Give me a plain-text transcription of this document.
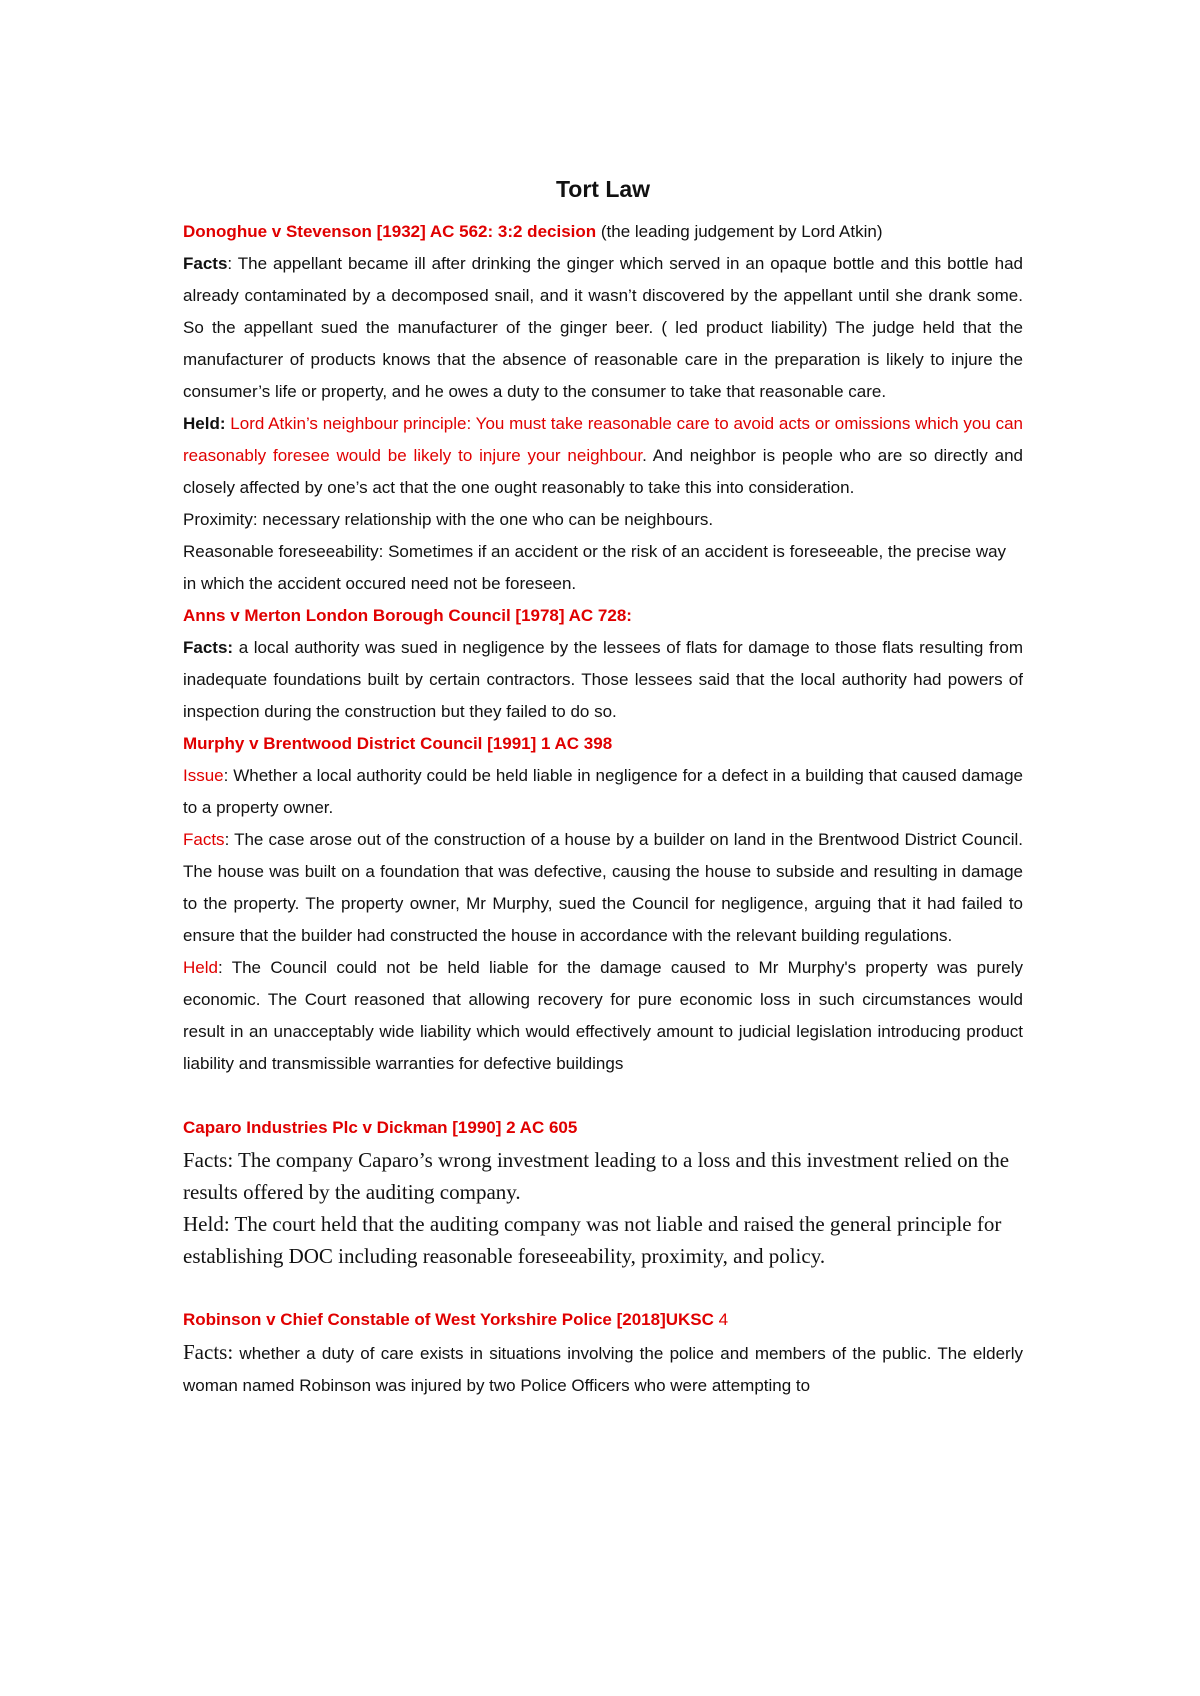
Tort Law

Donoghue v Stevenson [1932] AC 562: 3:2 decision (the leading judgement by Lord Atkin)

Facts: The appellant became ill after drinking the ginger which served in an opaque bottle and this bottle had already contaminated by a decomposed snail, and it wasn’t discovered by the appellant until she drank some. So the appellant sued the manufacturer of the ginger beer. ( led product liability) The judge held that the manufacturer of products knows that the absence of reasonable care in the preparation is likely to injure the consumer’s life or property, and he owes a duty to the consumer to take that reasonable care.

Held: Lord Atkin’s neighbour principle: You must take reasonable care to avoid acts or omissions which you can reasonably foresee would be likely to injure your neighbour. And neighbor is people who are so directly and closely affected by one’s act that the one ought reasonably to take this into consideration.

Proximity: necessary relationship with the one who can be neighbours.

Reasonable foreseeability: Sometimes if an accident or the risk of an accident is foreseeable, the precise way in which the accident occured need not be foreseen.

Anns v Merton London Borough Council [1978] AC 728:

Facts: a local authority was sued in negligence by the lessees of flats for damage to those flats resulting from inadequate foundations built by certain contractors. Those lessees said that the local authority had powers of inspection during the construction but they failed to do so.

Murphy v Brentwood District Council [1991] 1 AC 398

Issue: Whether a local authority could be held liable in negligence for a defect in a building that caused damage to a property owner.

Facts: The case arose out of the construction of a house by a builder on land in the Brentwood District Council. The house was built on a foundation that was defective, causing the house to subside and resulting in damage to the property. The property owner, Mr Murphy, sued the Council for negligence, arguing that it had failed to ensure that the builder had constructed the house in accordance with the relevant building regulations.

Held: The Council could not be held liable for the damage caused to Mr Murphy's property was purely economic. The Court reasoned that allowing recovery for pure economic loss in such circumstances would result in an unacceptably wide liability which would effectively amount to judicial legislation introducing product liability and transmissible warranties for defective buildings

Caparo Industries Plc v Dickman [1990] 2 AC 605

Facts: The company Caparo’s wrong investment leading to a loss and this investment relied on the results offered by the auditing company.

Held: The court held that the auditing company was not liable and raised the general principle for establishing DOC including reasonable foreseeability, proximity, and policy.

Robinson v Chief Constable of West Yorkshire Police [2018]UKSC 4

Facts: whether a duty of care exists in situations involving the police and members of the public. The elderly woman named Robinson was injured by two Police Officers who were attempting to
